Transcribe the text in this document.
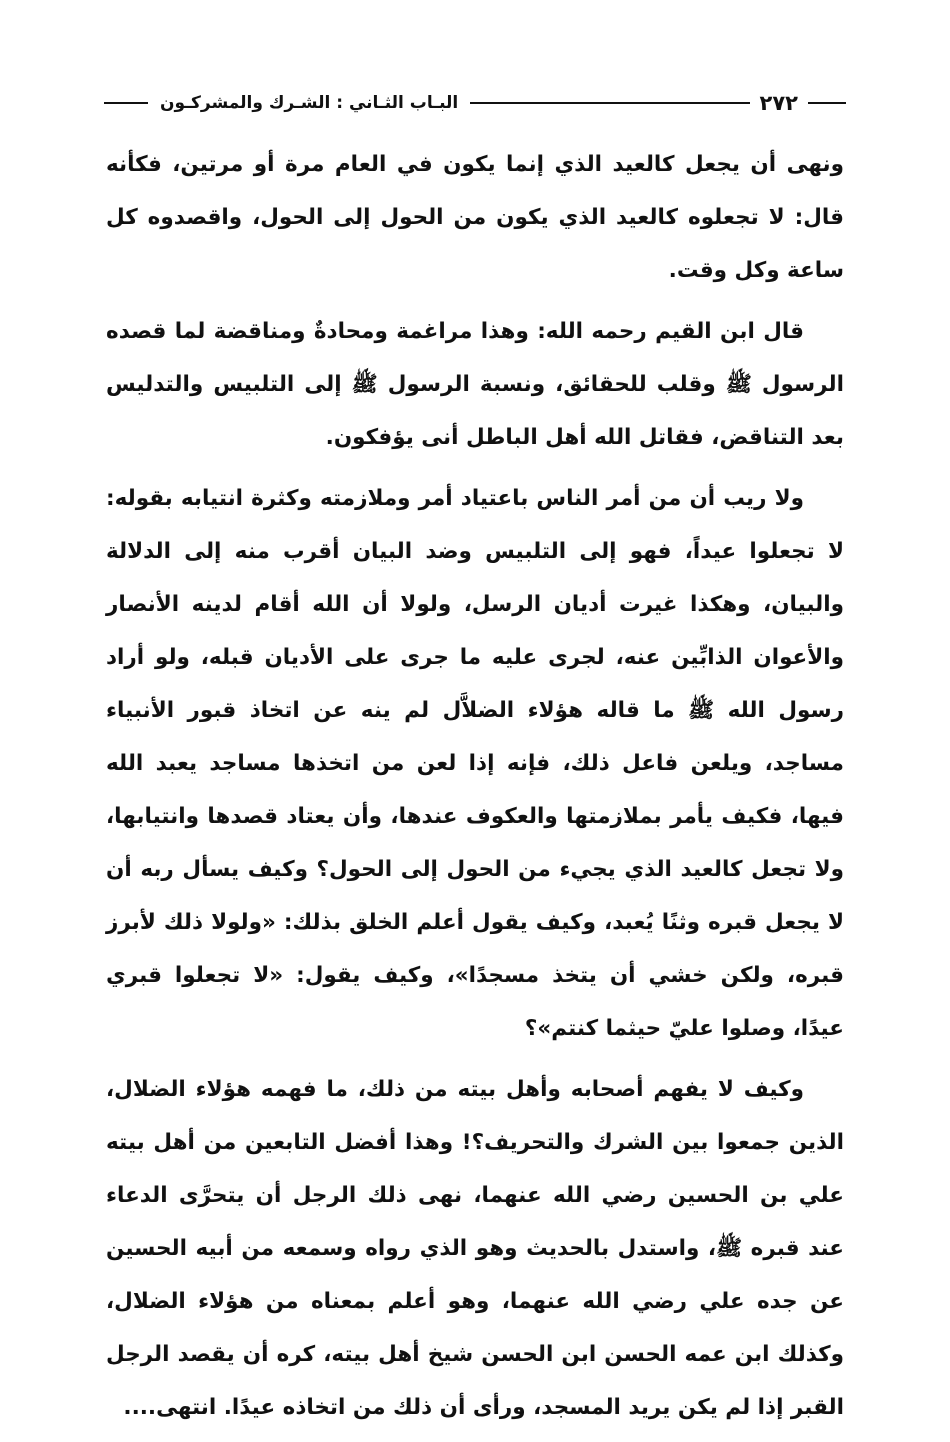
٢٧٢
البـاب الثـاني : الشـرك والمشركـون

ونهى أن يجعل كالعيد الذي إنما يكون في العام مرة أو مرتين، فكأنه قال: لا تجعلوه كالعيد الذي يكون من الحول إلى الحول، واقصدوه كل ساعة وكل وقت.

قال ابن القيم رحمه الله: وهذا مراغمة ومحادةٌ ومناقضة لما قصده الرسول ﷺ وقلب للحقائق، ونسبة الرسول ﷺ إلى التلبيس والتدليس بعد التناقض، فقاتل الله أهل الباطل أنى يؤفكون.

ولا ريب أن من أمر الناس باعتياد أمر وملازمته وكثرة انتيابه بقوله: لا تجعلوا عيداً، فهو إلى التلبيس وضد البيان أقرب منه إلى الدلالة والبيان، وهكذا غيرت أديان الرسل، ولولا أن الله أقام لدينه الأنصار والأعوان الذابِّين عنه، لجرى عليه ما جرى على الأديان قبله، ولو أراد رسول الله ﷺ ما قاله هؤلاء الضلاَّل لم ينه عن اتخاذ قبور الأنبياء مساجد، ويلعن فاعل ذلك، فإنه إذا لعن من اتخذها مساجد يعبد الله فيها، فكيف يأمر بملازمتها والعكوف عندها، وأن يعتاد قصدها وانتيابها، ولا تجعل كالعيد الذي يجيء من الحول إلى الحول؟ وكيف يسأل ربه أن لا يجعل قبره وثنًا يُعبد، وكيف يقول أعلم الخلق بذلك: «ولولا ذلك لأبرز قبره، ولكن خشي أن يتخذ مسجدًا»، وكيف يقول: «لا تجعلوا قبري عيدًا، وصلوا عليّ حيثما كنتم»؟

وكيف لا يفهم أصحابه وأهل بيته من ذلك، ما فهمه هؤلاء الضلال، الذين جمعوا بين الشرك والتحريف؟! وهذا أفضل التابعين من أهل بيته علي بن الحسين رضي الله عنهما، نهى ذلك الرجل أن يتحرَّى الدعاء عند قبره ﷺ، واستدل بالحديث وهو الذي رواه وسمعه من أبيه الحسين عن جده علي رضي الله عنهما، وهو أعلم بمعناه من هؤلاء الضلال، وكذلك ابن عمه الحسن ابن الحسن شيخ أهل بيته، كره أن يقصد الرجل القبر إذا لم يكن يريد المسجد، ورأى أن ذلك من اتخاذه عيدًا. انتهى....
